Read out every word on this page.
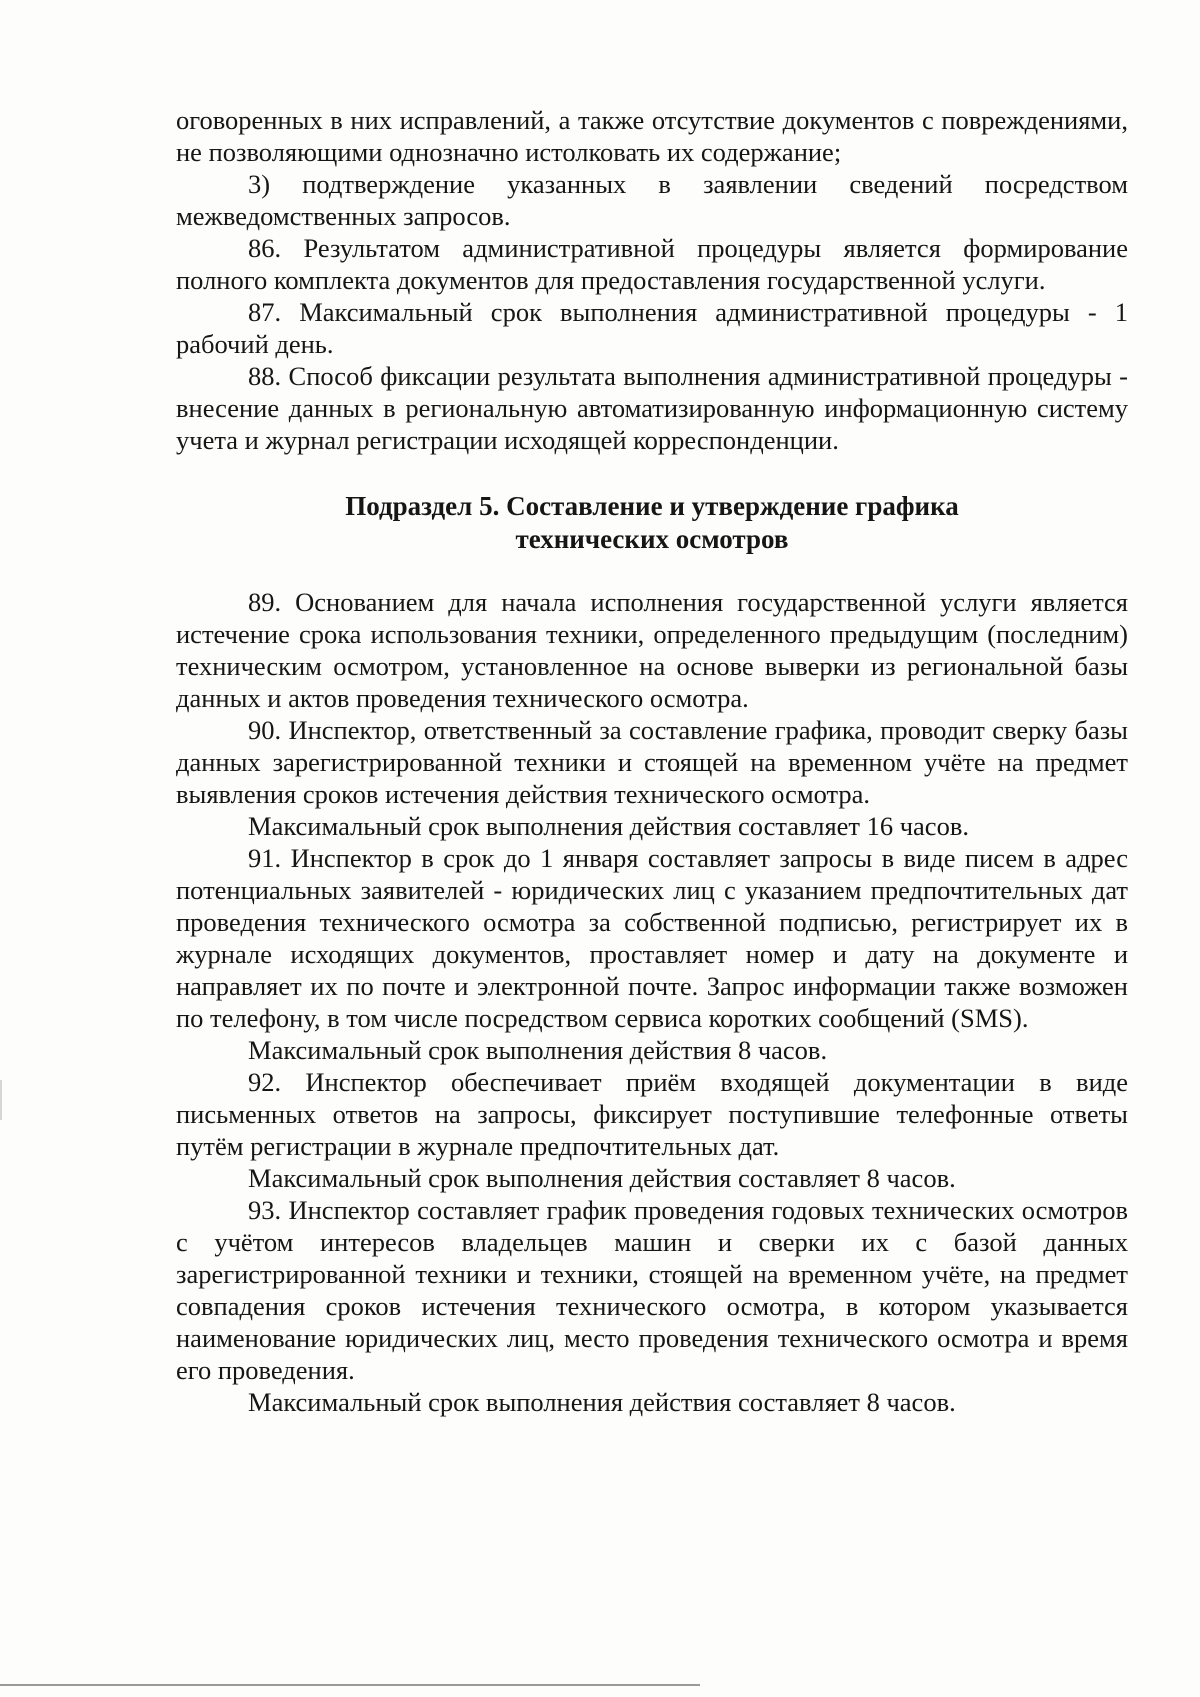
оговоренных в них исправлений, а также отсутствие документов с повреждениями, не позволяющими однозначно истолковать их содержание;

3) подтверждение указанных в заявлении сведений посредством межведомственных запросов.

86. Результатом административной процедуры является формирование полного комплекта документов для предоставления государственной услуги.

87. Максимальный срок выполнения административной процедуры - 1 рабочий день.

88. Способ фиксации результата выполнения административной процедуры - внесение данных в региональную автоматизированную информационную систему учета и журнал регистрации исходящей корреспонденции.

Подраздел 5. Составление и утверждение графика
технических осмотров

89. Основанием для начала исполнения государственной услуги является истечение срока использования техники, определенного предыдущим (последним) техническим осмотром, установленное на основе выверки из региональной базы данных и актов проведения технического осмотра.

90. Инспектор, ответственный за составление графика, проводит сверку базы данных зарегистрированной техники и стоящей на временном учёте на предмет выявления сроков истечения действия технического осмотра.

Максимальный срок выполнения действия составляет 16 часов.

91. Инспектор в срок до 1 января составляет запросы в виде писем в адрес потенциальных заявителей - юридических лиц с указанием предпочтительных дат проведения технического осмотра за собственной подписью, регистрирует их в журнале исходящих документов, проставляет номер и дату на документе и направляет их по почте и электронной почте. Запрос информации также возможен по телефону, в том числе посредством сервиса коротких сообщений (SMS).

Максимальный срок выполнения действия 8 часов.

92. Инспектор обеспечивает приём входящей документации в виде письменных ответов на запросы, фиксирует поступившие телефонные ответы путём регистрации в журнале предпочтительных дат.

Максимальный срок выполнения действия составляет 8 часов.

93. Инспектор составляет график проведения годовых технических осмотров с учётом интересов владельцев машин и сверки их с базой данных зарегистрированной техники и техники, стоящей на временном учёте, на предмет совпадения сроков истечения технического осмотра, в котором указывается наименование юридических лиц, место проведения технического осмотра и время его проведения.

Максимальный срок выполнения действия составляет 8 часов.
